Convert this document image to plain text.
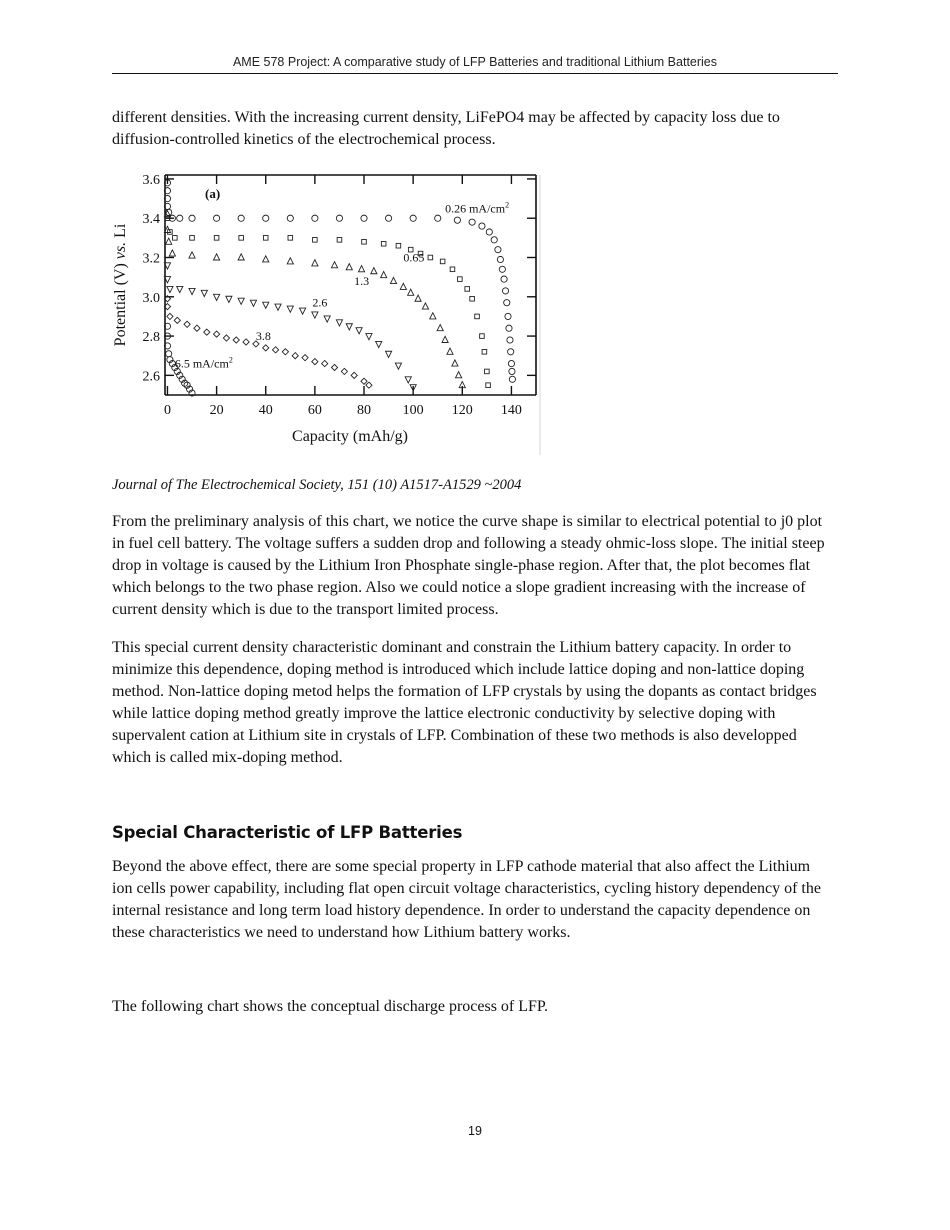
AME 578 Project: A comparative study of LFP Batteries and traditional Lithium Batteries

different densities. With the increasing current density, LiFePO4 may be affected by capacity loss due to diffusion-controlled kinetics of the electrochemical process.

0	20	40	60	80 100 120 140
2.6
2.8
3.0
3.2
3.4
3.6
Capacity (mAh/g)
Potential (V) vs. Li
(a)
0.26 $mA/cm^2$
0.65
1.3
2.6
3.8
6.5 $mA/cm^2$

Journal of The Electrochemical Society, 151 (10) A1517-A1529 ~2004

From the preliminary analysis of this chart, we notice the curve shape is similar to electrical potential to j0 plot in fuel cell battery. The voltage suffers a sudden drop and following a steady ohmic-loss slope. The initial steep drop in voltage is caused by the Lithium Iron Phosphate single-phase region. After that, the plot becomes flat which belongs to the two phase region. Also we could notice a slope gradient increasing with the increase of current density which is due to the transport limited process.

This special current density characteristic dominant and constrain the Lithium battery capacity. In order to minimize this dependence, doping method is introduced which include lattice doping and non-lattice doping method. Non-lattice doping metod helps the formation of LFP crystals by using the dopants as contact bridges while lattice doping method greatly improve the lattice electronic conductivity by selective doping with supervalent cation at Lithium site in crystals of LFP. Combination of these two methods is also developped which is called mix-doping method.

Special Characteristic of LFP Batteries

Beyond the above effect, there are some special property in LFP cathode material that also affect the Lithium ion cells power capability, including flat open circuit voltage characteristics, cycling history dependency of the internal resistance and long term load history dependence. In order to understand the capacity dependence on these characteristics we need to understand how Lithium battery works.

The following chart shows the conceptual discharge process of LFP.

19
